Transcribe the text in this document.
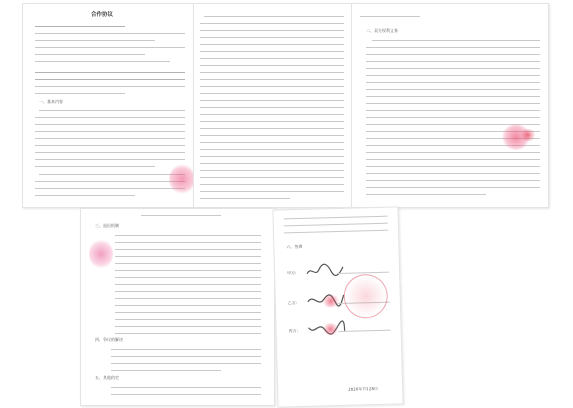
合作协议
一、基本内容
二、双方权利义务
三、退出机制
四、争议的解决
五、其他约定
六、签署
甲方:
乙方:
丙方:
2020年7月28日
